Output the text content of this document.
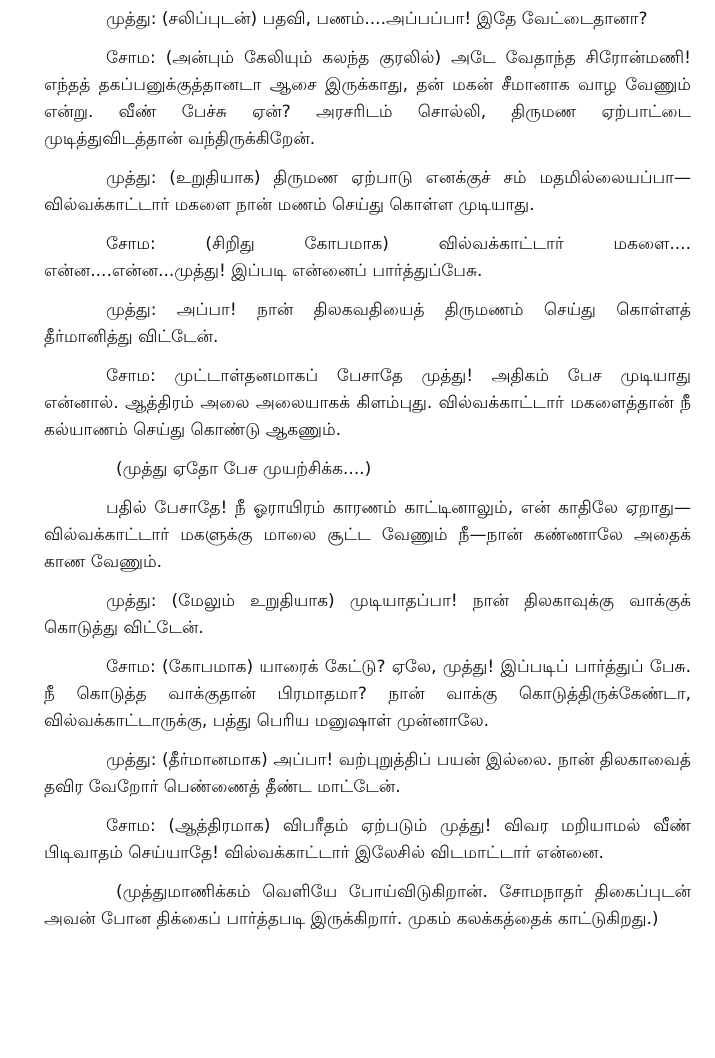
முத்து: (சலிப்புடன்) பதவி, பணம்....அப்பப்பா! இதே வேட்டைதானா?

சோம: (அன்பும் கேலியும் கலந்த குரலில்) அடே வேதாந்த சிரோன்மணி! எந்தத் தகப்பனுக்குத்தானடா ஆசை இருக்காது, தன் மகன் சீமானாக வாழ வேணும் என்று. வீண் பேச்சு ஏன்? அரசரிடம் சொல்லி, திருமண ஏற்பாட்டை முடித்துவிடத்தான் வந்திருக்கிறேன்.

முத்து: (உறுதியாக) திருமண ஏற்பாடு எனக்குச் சம் மதமில்லையப்பா—வில்வக்காட்டார் மகளை நான் மணம் செய்து கொள்ள முடியாது.

சோம: (சிறிது கோபமாக) வில்வக்காட்டார் மகளை.... என்ன....என்ன...முத்து! இப்படி என்னைப் பார்த்துப்பேசு.

முத்து: அப்பா! நான் திலகவதியைத் திருமணம் செய்து கொள்ளத் தீர்மானித்து விட்டேன்.

சோம: முட்டாள்தனமாகப் பேசாதே முத்து! அதிகம் பேச முடியாது என்னால். ஆத்திரம் அலை அலையாகக் கிளம்புது. வில்வக்காட்டார் மகளைத்தான் நீ கல்யாணம் செய்து கொண்டு ஆகணும்.

(முத்து ஏதோ பேச முயற்சிக்க....)

பதில் பேசாதே! நீ ஓராயிரம் காரணம் காட்டினாலும், என் காதிலே ஏறாது—வில்வக்காட்டார் மகளுக்கு மாலை சூட்ட வேணும் நீ—நான் கண்ணாலே அதைக் காண வேணும்.

முத்து: (மேலும் உறுதியாக) முடியாதப்பா! நான் திலகாவுக்கு வாக்குக் கொடுத்து விட்டேன்.

சோம: (கோபமாக) யாரைக் கேட்டு? ஏலே, முத்து! இப்படிப் பார்த்துப் பேசு. நீ கொடுத்த வாக்குதான் பிரமாதமா? நான் வாக்கு கொடுத்திருக்கேண்டா, வில்வக்காட்டாருக்கு, பத்து பெரிய மனுஷாள் முன்னாலே.

முத்து: (தீர்மானமாக) அப்பா! வற்புறுத்திப் பயன் இல்லை. நான் திலகாவைத் தவிர வேறோர் பெண்ணைத் தீண்ட மாட்டேன்.

சோம: (ஆத்திரமாக) விபரீதம் ஏற்படும் முத்து! விவர மறியாமல் வீண் பிடிவாதம் செய்யாதே! வில்வக்காட்டார் இலேசில் விடமாட்டார் என்னை.

(முத்துமாணிக்கம் வெளியே போய்விடுகிறான். சோமநாதர் திகைப்புடன் அவன் போன திக்கைப் பார்த்தபடி இருக்கிறார். முகம் கலக்கத்தைக் காட்டுகிறது.)
